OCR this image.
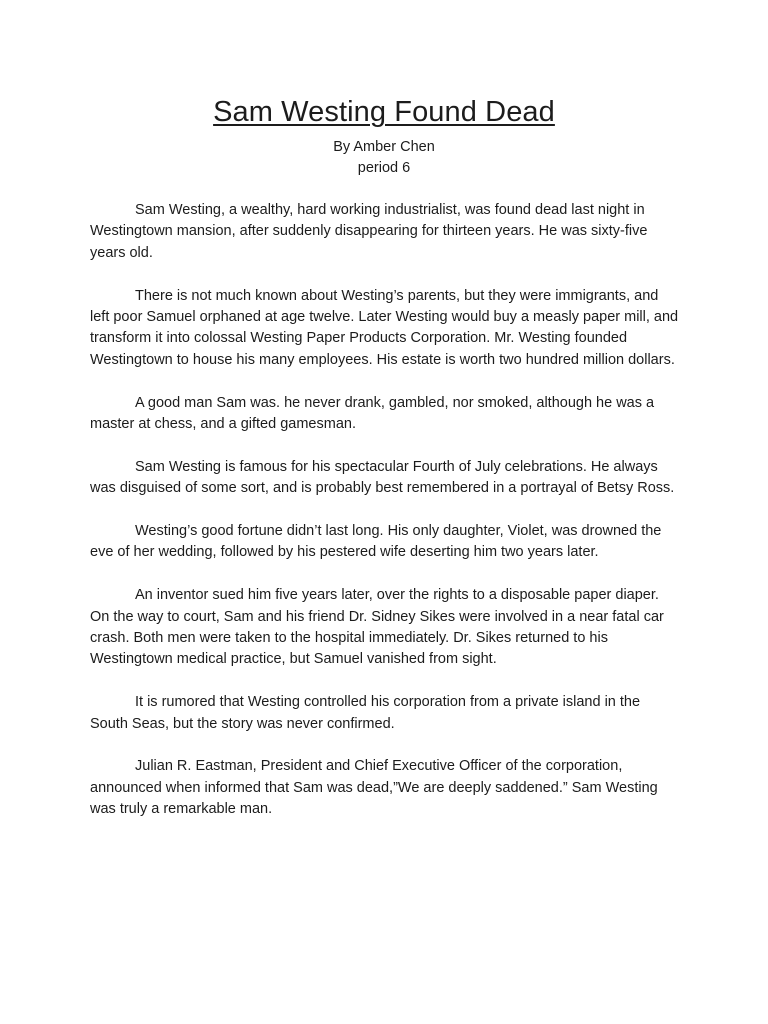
Sam Westing Found Dead
By Amber Chen
period 6

Sam Westing, a wealthy, hard working industrialist, was found dead last night in Westingtown mansion, after suddenly disappearing for thirteen years. He was sixty-five years old.

There is not much known about Westing’s parents, but they were immigrants, and left poor Samuel orphaned at age twelve. Later Westing would buy a measly paper mill, and transform it into colossal Westing Paper Products Corporation. Mr. Westing founded Westingtown to house his many employees. His estate is worth two hundred million dollars.

A good man Sam was. he never drank, gambled, nor smoked, although he was a master at chess, and a gifted gamesman.

Sam Westing is famous for his spectacular Fourth of July celebrations. He always was disguised of some sort, and is probably best remembered in a portrayal of Betsy Ross.

Westing’s good fortune didn’t last long. His only daughter, Violet, was drowned the eve of her wedding, followed by his pestered wife deserting him two years later.

An inventor sued him five years later, over the rights to a disposable paper diaper. On the way to court, Sam and his friend Dr. Sidney Sikes were involved in a near fatal car crash. Both men were taken to the hospital immediately. Dr. Sikes returned to his Westingtown medical practice, but Samuel vanished from sight.

It is rumored that Westing controlled his corporation from a private island in the South Seas, but the story was never confirmed.

Julian R. Eastman, President and Chief Executive Officer of the corporation, announced when informed that Sam was dead,”We are deeply saddened.” Sam Westing was truly a remarkable man.
